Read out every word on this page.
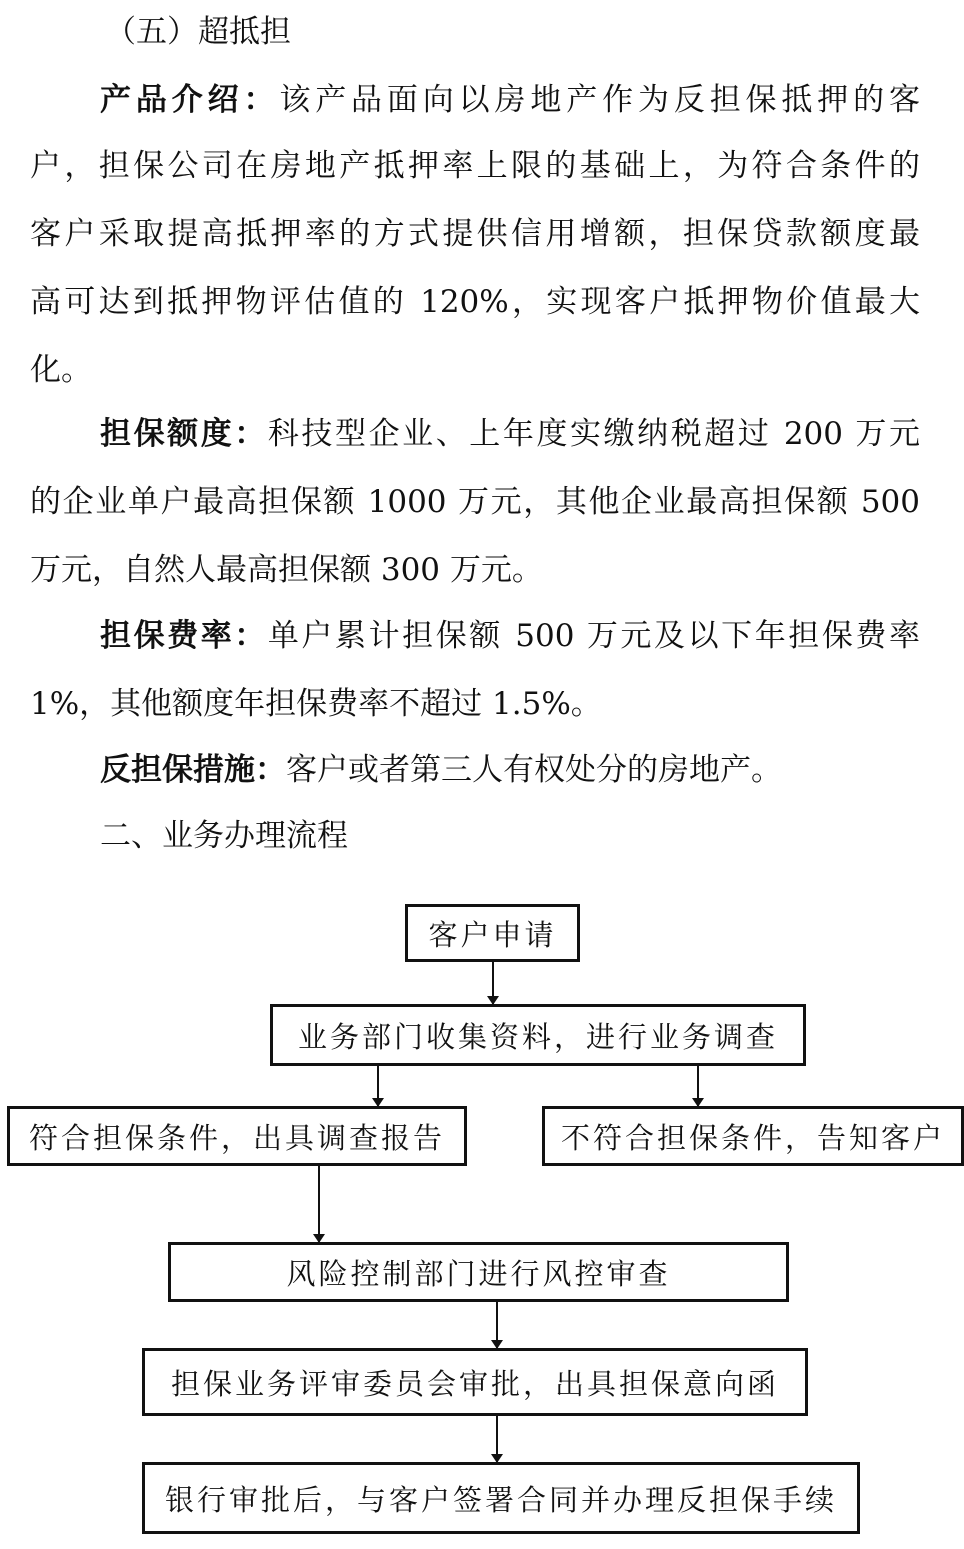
（五）超抵担
产品介绍：该产品面向以房地产作为反担保抵押的客
户，担保公司在房地产抵押率上限的基础上，为符合条件的
客户采取提高抵押率的方式提供信用增额，担保贷款额度最
高可达到抵押物评估值的 120%，实现客户抵押物价值最大
化。
担保额度：科技型企业、上年度实缴纳税超过 200 万元
的企业单户最高担保额 1000 万元，其他企业最高担保额 500
万元，自然人最高担保额 300 万元。
担保费率：单户累计担保额 500 万元及以下年担保费率
1%，其他额度年担保费率不超过 1.5%。
反担保措施：客户或者第三人有权处分的房地产。
二、业务办理流程
客户申请
业务部门收集资料，进行业务调查
符合担保条件，出具调查报告	不符合担保条件，告知客户
风险控制部门进行风控审查
担保业务评审委员会审批，出具担保意向函
银行审批后，与客户签署合同并办理反担保手续
